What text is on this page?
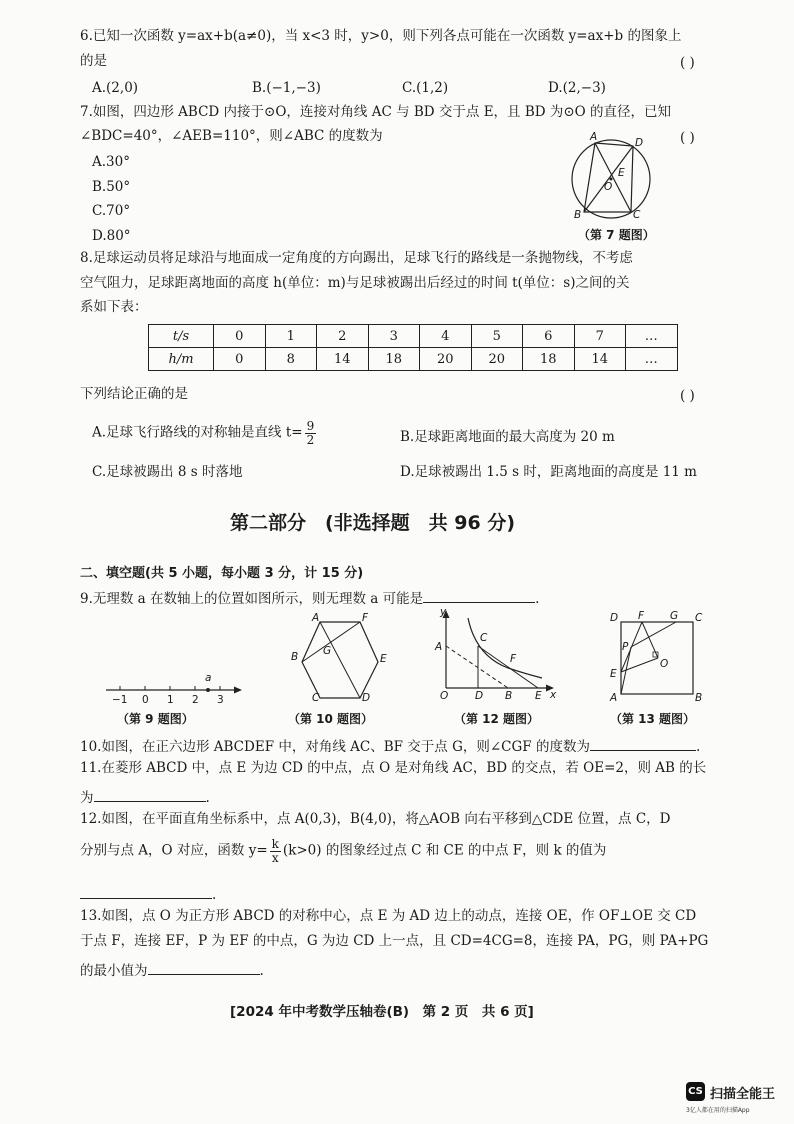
6.已知一次函数 y=ax+b(a≠0)，当 x<3 时，y>0，则下列各点可能在一次函数 y=ax+b 的图象上
的是	( )
A.(2,0)	B.(−1,−3)	C.(1,2)	D.(2,−3)
7.如图，四边形 ABCD 内接于⊙O，连接对角线 AC 与 BD 交于点 E，且 BD 为⊙O 的直径，已知
∠BDC=40°，∠AEB=110°，则∠ABC 的度数为	( )
A.30°
B.50°
C.70°
D.80°
A	D
E
O
B	C
（第 7 题图）
8.足球运动员将足球沿与地面成一定角度的方向踢出，足球飞行的路线是一条抛物线，不考虑
空气阻力，足球距离地面的高度 h(单位：m)与足球被踢出后经过的时间 t(单位：s)之间的关
系如下表：
t/s	0	1	2	3	4	5	6	7	…
h/m	0	8	14	18	20	20	18	14	…
下列结论正确的是	( )
A.足球飞行路线的对称轴是直线 $t= \frac{9}{2}$	B.足球距离地面的最大高度为 20 m
C.足球被踢出 8 s 时落地	D.足球被踢出 1.5 s 时，距离地面的高度是 11 m
第二部分　(非选择题　共 96 分)
二、填空题(共 5 小题，每小题 3 分，计 15 分)
9.无理数 a 在数轴上的位置如图所示，则无理数 a 可能是	.
a
−1 0 1 2 3
（第 9 题图）
A	F
B G
E
C	D
（第 10 题图）
y
A
C
F
O	D B E x
（第 12 题图）
D F G C
P
O
E
A	B
（第 13 题图）
10.如图，在正六边形 ABCDEF 中，对角线 AC、BF 交于点 G，则∠CGF 的度数为	.
11.在菱形 ABCD 中，点 E 为边 CD 的中点，点 O 是对角线 AC，BD 的交点，若 OE=2，则 AB 的长
为	.
12.如图，在平面直角坐标系中，点 A(0,3)，B(4,0)，将△AOB 向右平移到△CDE 位置，点 C，D
分别与点 A，O 对应，函数 $y= \frac{k}{x} (k>0)$ 的图象经过点 C 和 CE 的中点 F，则 k 的值为
.
13.如图，点 O 为正方形 ABCD 的对称中心，点 E 为 AD 边上的动点，连接 OE，作 OF⊥OE 交 CD
于点 F，连接 EF，P 为 EF 的中点，G 为边 CD 上一点，且 CD=4CG=8，连接 PA，PG，则 PA+PG
的最小值为	.
[2024 年中考数学压轴卷(B)　第 2 页　共 6 页]
CS 扫描全能王
3亿人都在用的扫描App
